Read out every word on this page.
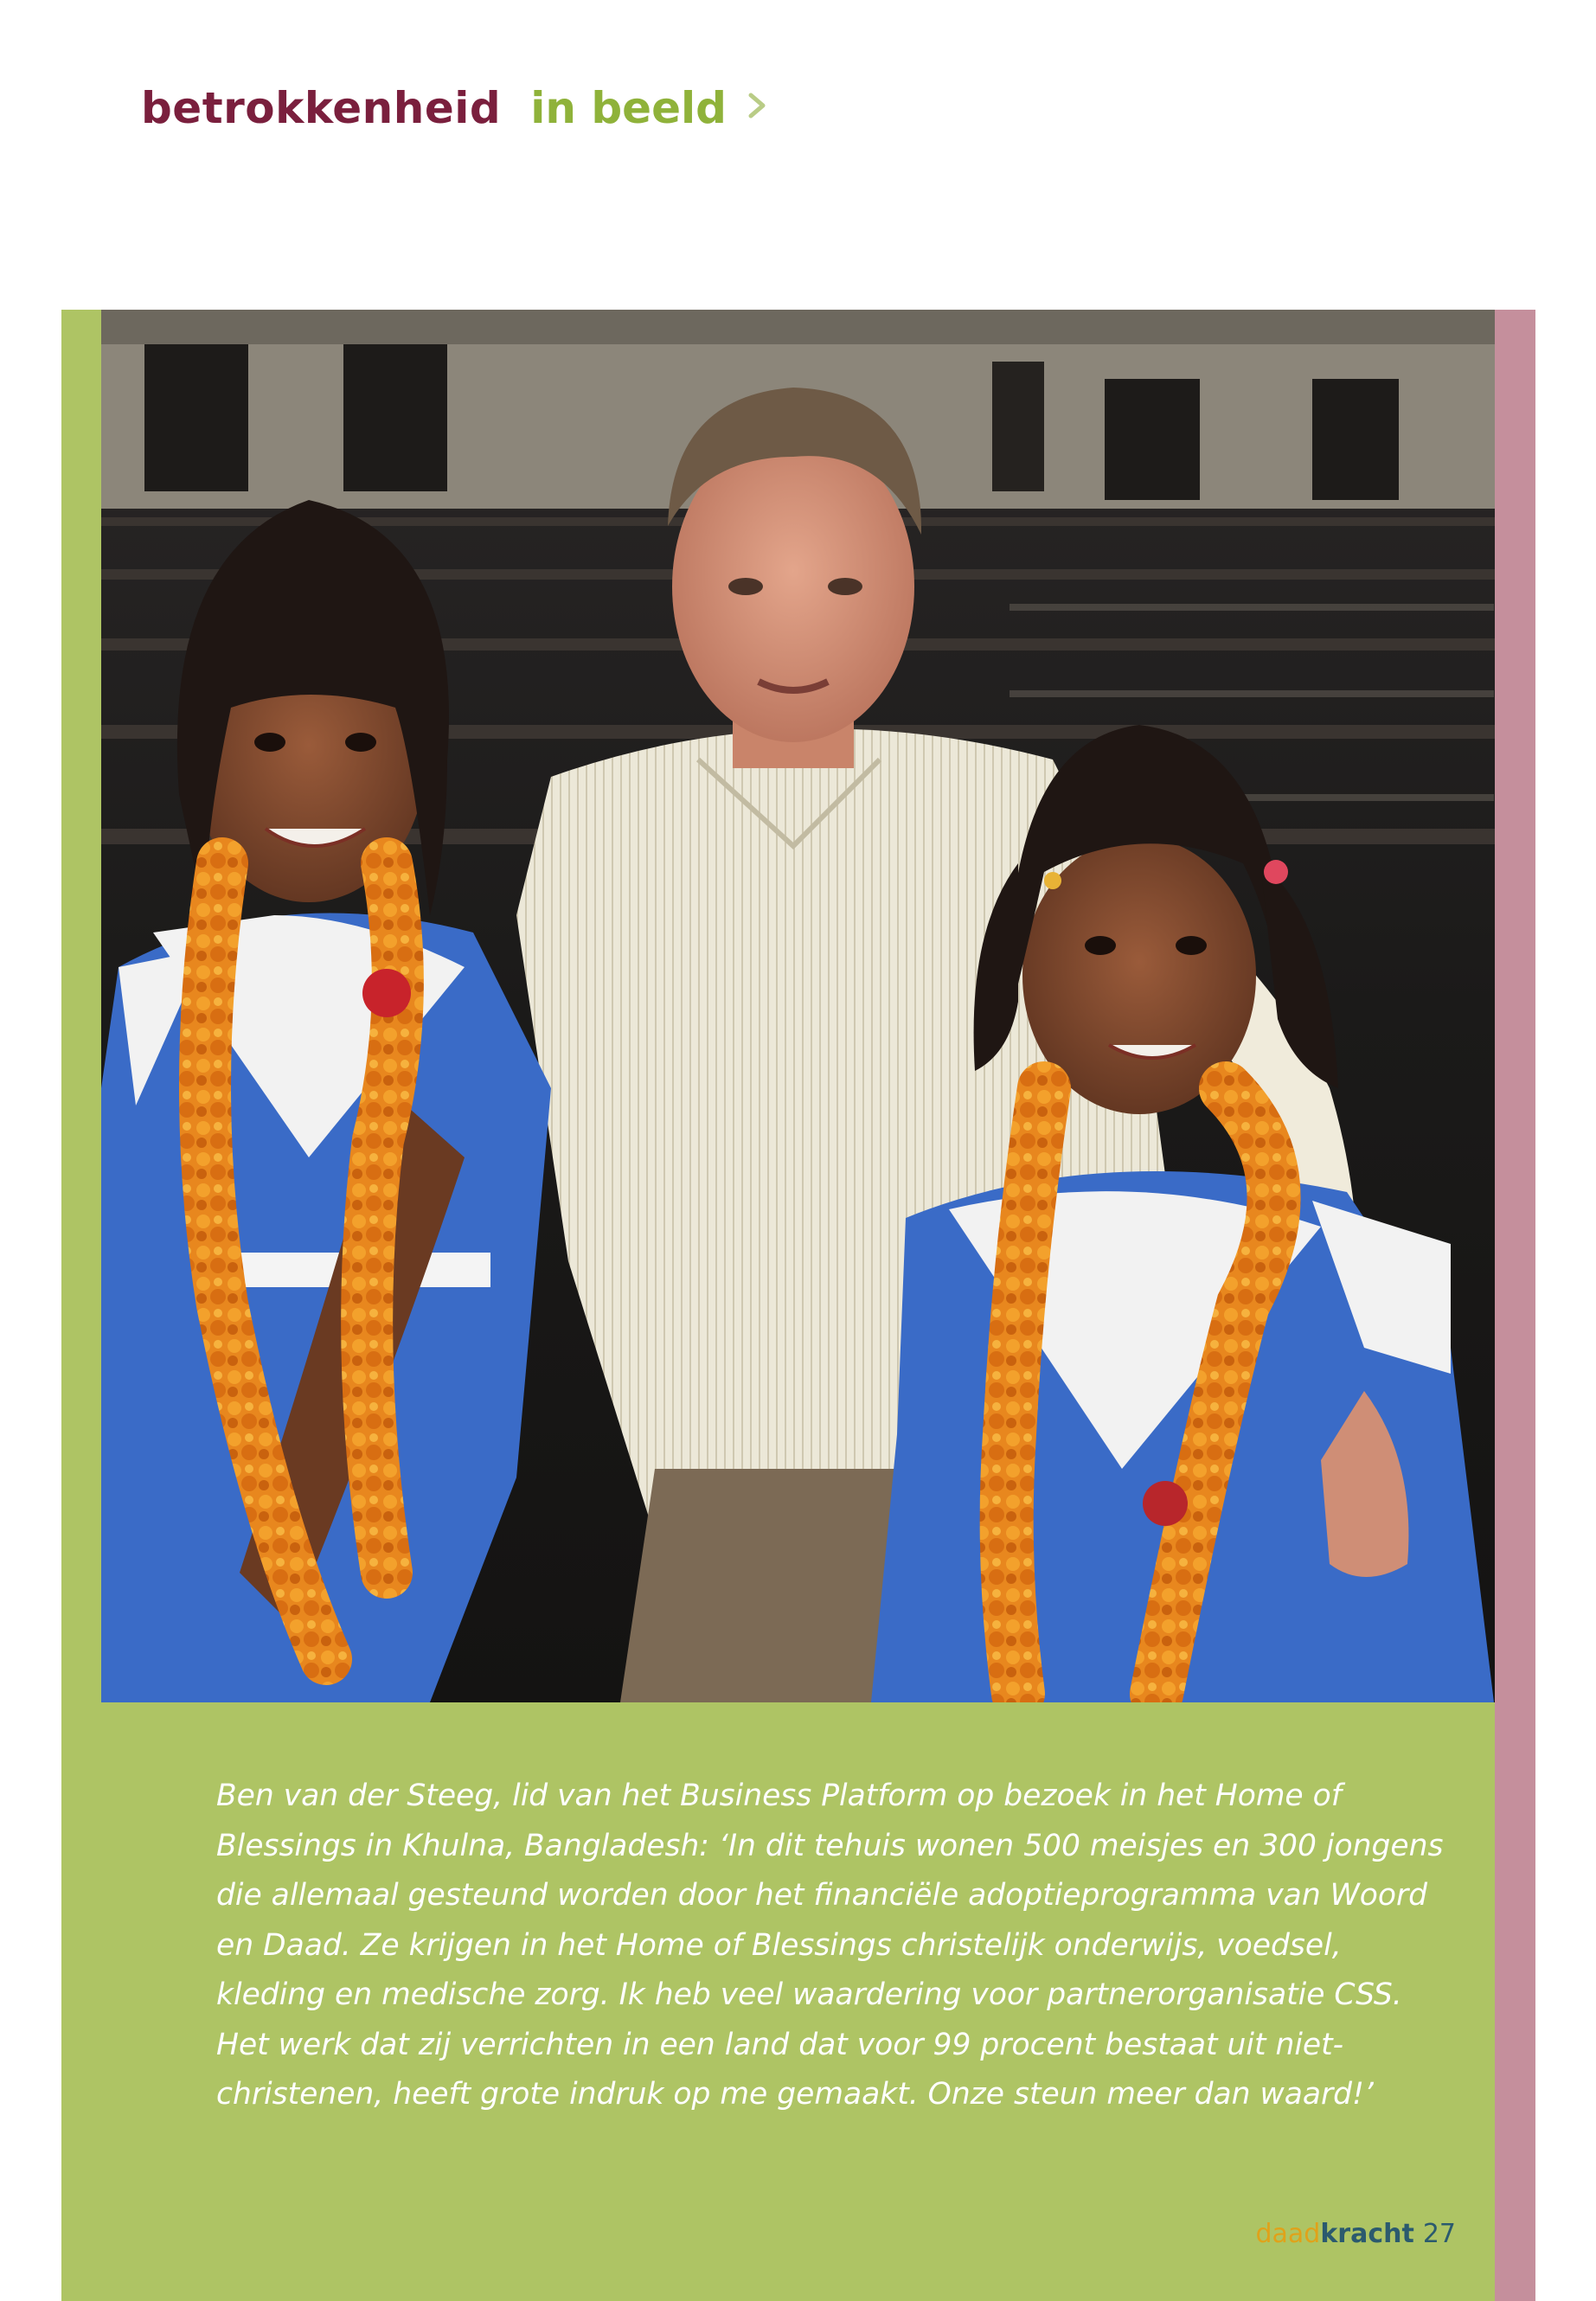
betrokkenheid in beeld

Ben van der Steeg, lid van het Business Platform op bezoek in het Home of
Blessings in Khulna, Bangladesh: ‘In dit tehuis wonen 500 meisjes en 300 jongens
die allemaal gesteund worden door het financiële adoptieprogramma van Woord
en Daad. Ze krijgen in het Home of Blessings christelijk onderwijs, voedsel,
kleding en medische zorg. Ik heb veel waardering voor partnerorganisatie CSS.
Het werk dat zij verrichten in een land dat voor 99 procent bestaat uit niet-
christenen, heeft grote indruk op me gemaakt. Onze steun meer dan waard!’

daadkracht 27
